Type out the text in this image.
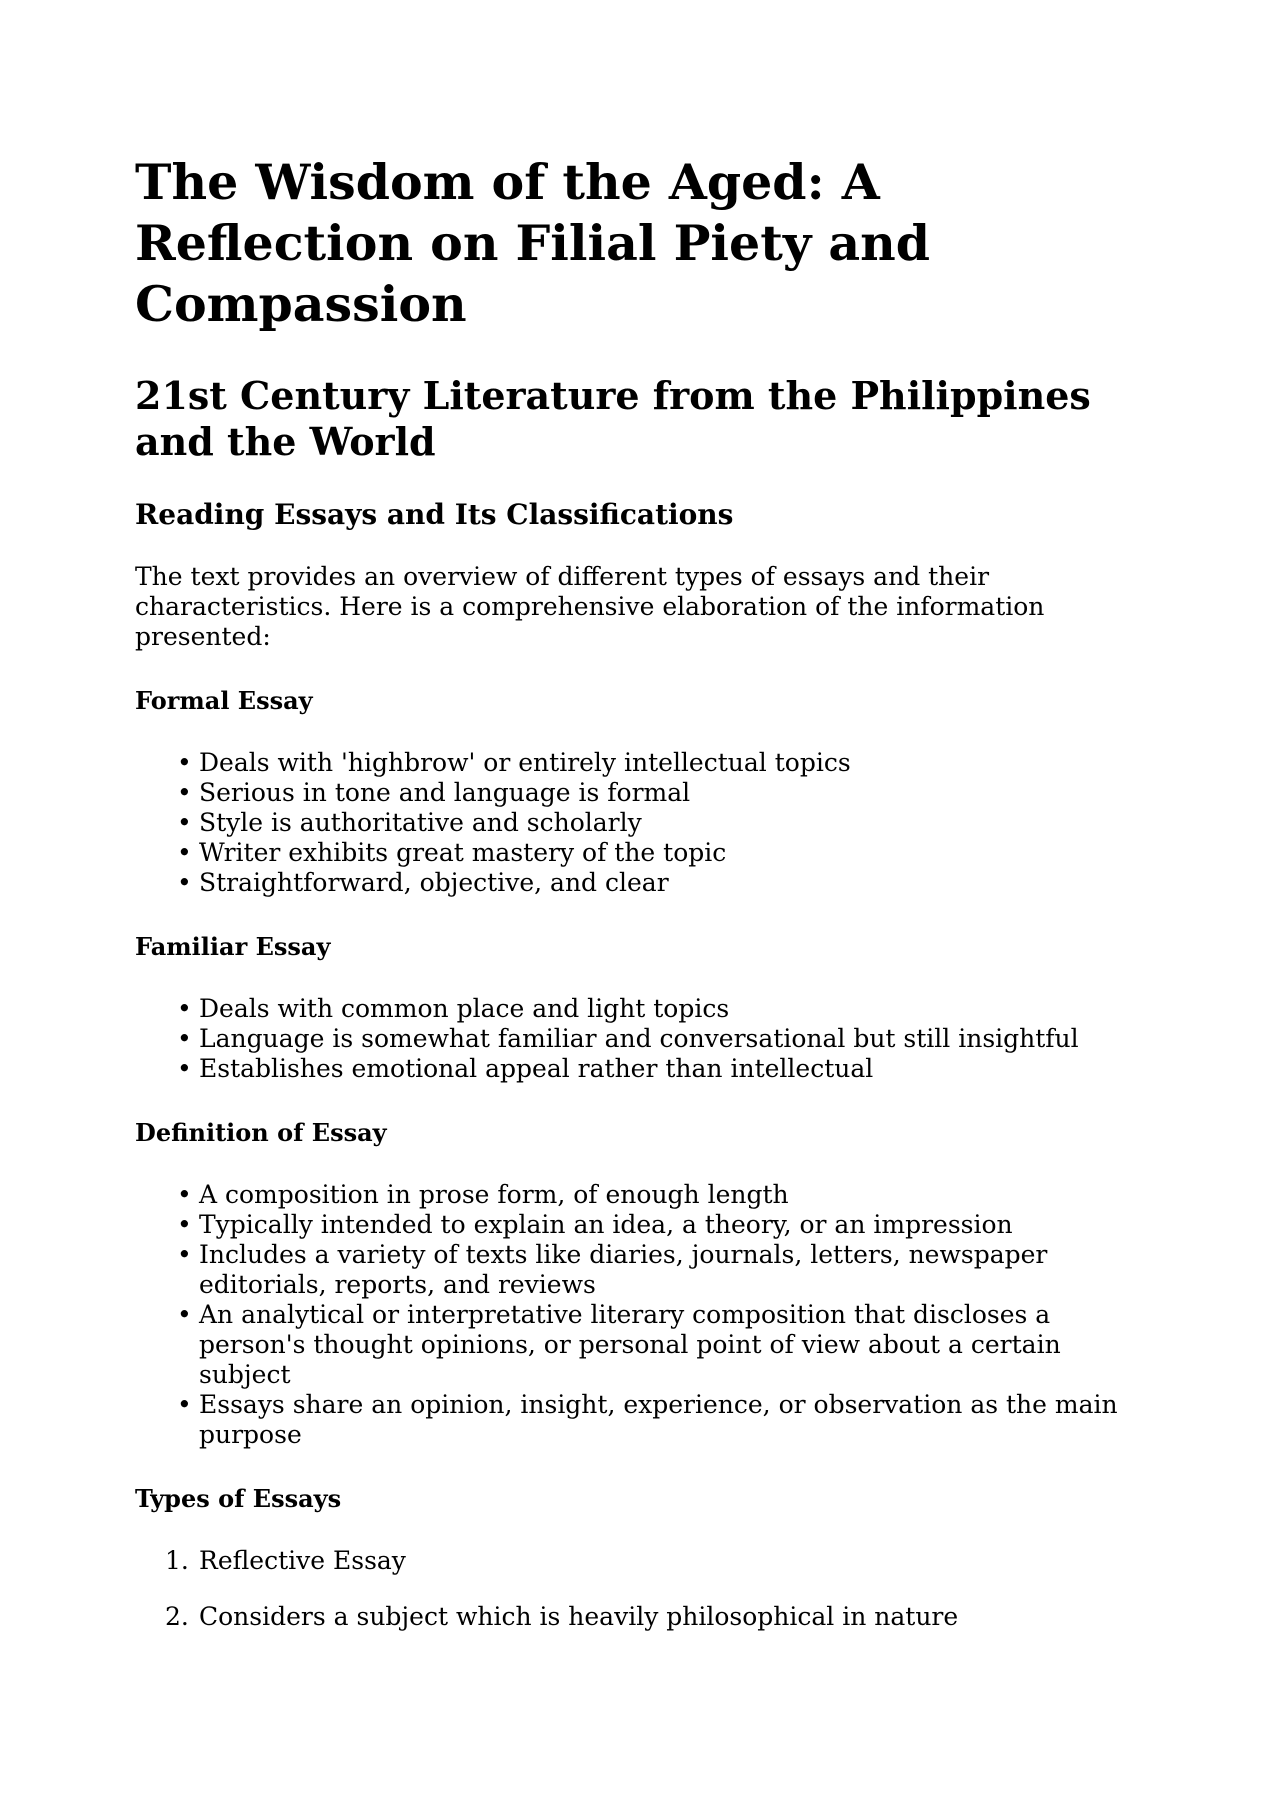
The Wisdom of the Aged: A Reflection on Filial Piety and Compassion
21st Century Literature from the Philippines and the World
Reading Essays and Its Classifications

The text provides an overview of different types of essays and their characteristics. Here is a comprehensive elaboration of the information presented:

Formal Essay
• Deals with 'highbrow' or entirely intellectual topics
• Serious in tone and language is formal
• Style is authoritative and scholarly
• Writer exhibits great mastery of the topic
• Straightforward, objective, and clear
Familiar Essay
• Deals with common place and light topics
• Language is somewhat familiar and conversational but still insightful
• Establishes emotional appeal rather than intellectual
Definition of Essay
• A composition in prose form, of enough length
• Typically intended to explain an idea, a theory, or an impression
• Includes a variety of texts like diaries, journals, letters, newspaper editorials, reports, and reviews
• An analytical or interpretative literary composition that discloses a person's thought opinions, or personal point of view about a certain subject
• Essays share an opinion, insight, experience, or observation as the main purpose
Types of Essays
1. Reflective Essay
2. Considers a subject which is heavily philosophical in nature
